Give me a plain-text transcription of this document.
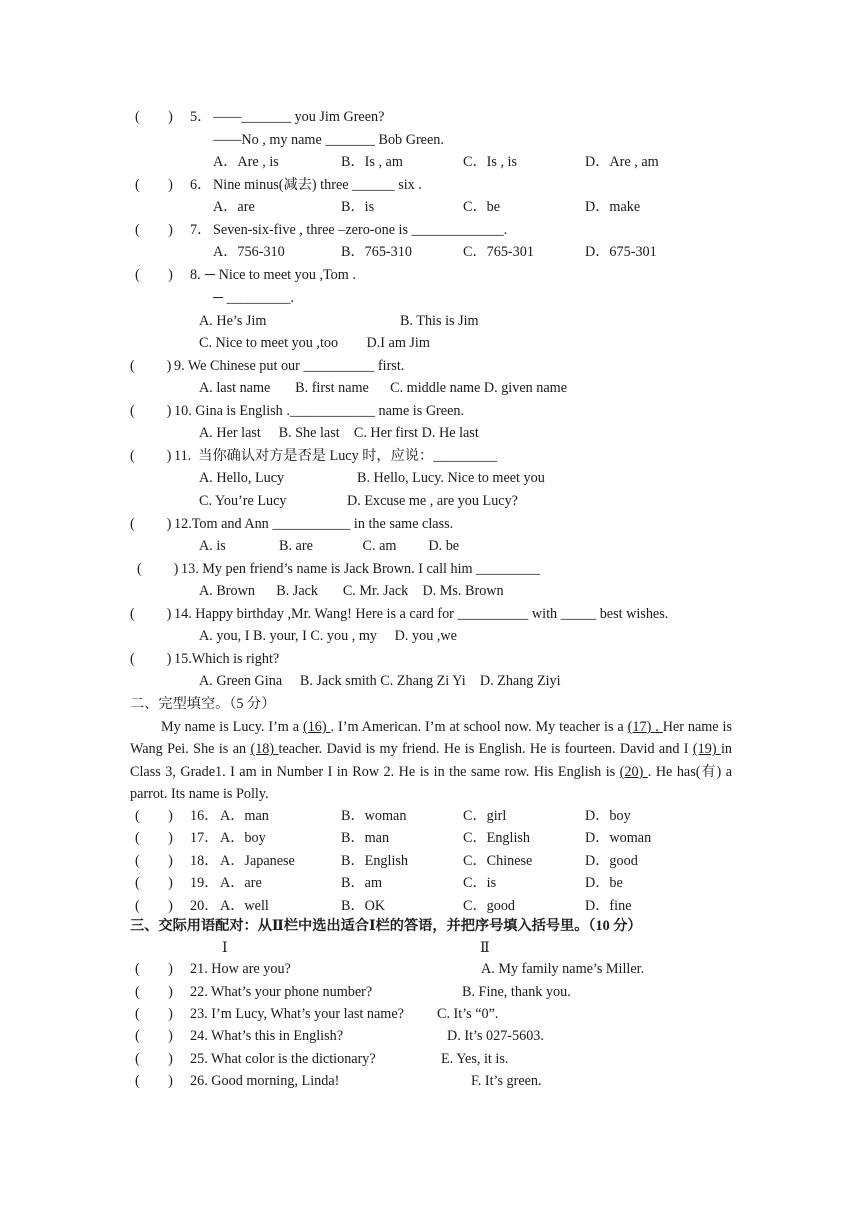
(        ) 5． ——_______ you Jim Green?
——No , my name _______ Bob Green.
A．Are , is	B．Is , am	C．Is , is	D．Are , am
(        ) 6． Nine minus(减去) three ______ six .
A．are	B．is	C．be	D．make
(        ) 7． Seven-six-five , three –zero-one is _____________.
A．756-310	B．765-310	C．765-301	D．675-301
(        ) 8. ─ Nice to meet you ,Tom .
─ _________.
A. He’s Jim	B. This is Jim
C. Nice to meet you ,too        D.I am Jim
(         ) 9. We Chinese put our __________ first.
A. last name       B. first name      C. middle name D. given name
(         ) 10. Gina is English .____________ name is Green.
A. Her last     B. She last    C. Her first D. He last
(         ) 11.  当你确认对方是否是 Lucy 时，应说：_________
A. Hello, Lucy	B. Hello, Lucy. Nice to meet you
C. You’re Lucy	D. Excuse me , are you Lucy?
(         ) 12.Tom and Ann ___________ in the same class.
A. is               B. are              C. am         D. be
(         ) 13. My pen friend’s name is Jack Brown. I call him _________
A. Brown      B. Jack       C. Mr. Jack    D. Ms. Brown
(         ) 14. Happy birthday ,Mr. Wang! Here is a card for __________ with _____ best wishes.
A. you, I B. your, I C. you , my     D. you ,we
(         ) 15.Which is right?
A. Green Gina     B. Jack smith C. Zhang Zi Yi    D. Zhang Ziyi
二、完型填空。（5 分）
My name is Lucy. I’m a (16) . I’m American. I’m at school now. My teacher is a (17) . Her name is Wang Pei. She is an (18) teacher. David is my friend. He is English. He is fourteen. David and I (19) in Class 3, Grade1. I am in Number I in Row 2. He is in the same row. His English is (20) . He has(有) a parrot. Its name is Polly.
(        ) 16． A．man	B．woman	C．girl	D．boy
(        ) 17． A．boy	B．man	C．English	D．woman
(        ) 18． A．Japanese	B．English	C．Chinese	D．good
(        ) 19． A．are	B．am	C．is	D．be
(        ) 20． A．well	B．OK	C．good	D．fine
三、交际用语配对：从Ⅱ栏中选出适合Ⅰ栏的答语，并把序号填入括号里。（10 分）
Ⅰ	Ⅱ
(        ) 21. How are you?	A. My family name’s Miller.
(        ) 22. What’s your phone number?	B. Fine, thank you.
(        ) 23. I’m Lucy, What’s your last name? C. It’s “0”.
(        ) 24. What’s this in English?	D. It’s 027-5603.
(        ) 25. What color is the dictionary?	E. Yes, it is.
(        ) 26. Good morning, Linda!	F. It’s green.
